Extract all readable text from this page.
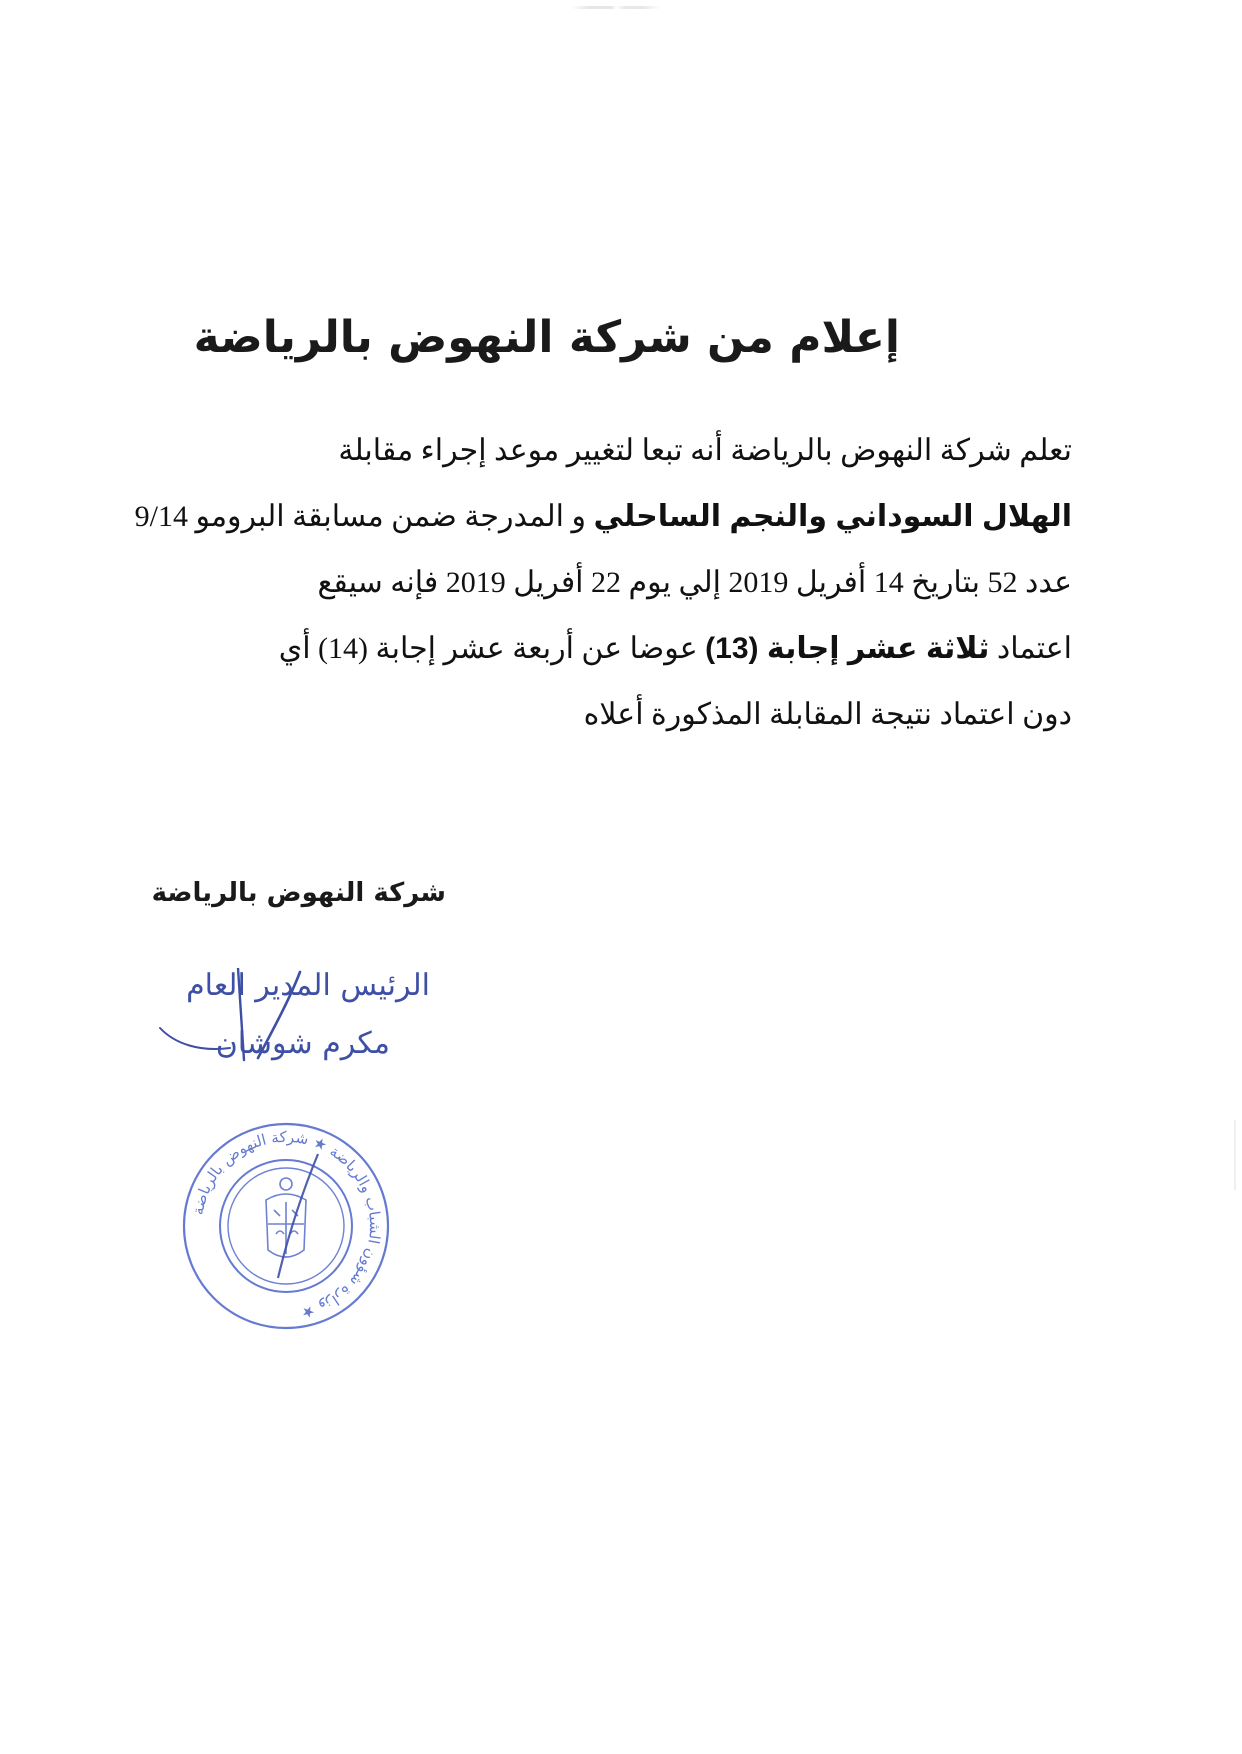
إعلام من شركة النهوض بالرياضة
تعلم شركة النهوض بالرياضة أنه تبعا لتغيير موعد إجراء مقابلة
الهلال السوداني والنجم الساحلي و المدرجة ضمن مسابقة البرومو 9/14
عدد 52 بتاريخ 14 أفريل 2019 إلي يوم 22 أفريل 2019 فإنه سيقع
اعتماد ثلاثة عشر إجابة (13) عوضا عن أربعة عشر إجابة (14) أي
دون اعتماد نتيجة المقابلة المذكورة أعلاه

شركة النهوض بالرياضة

الرئيس المدير العام
مكرم شوشان
وزارة شؤون الشباب والرياضة ★ شركة النهوض بالرياضة ★
